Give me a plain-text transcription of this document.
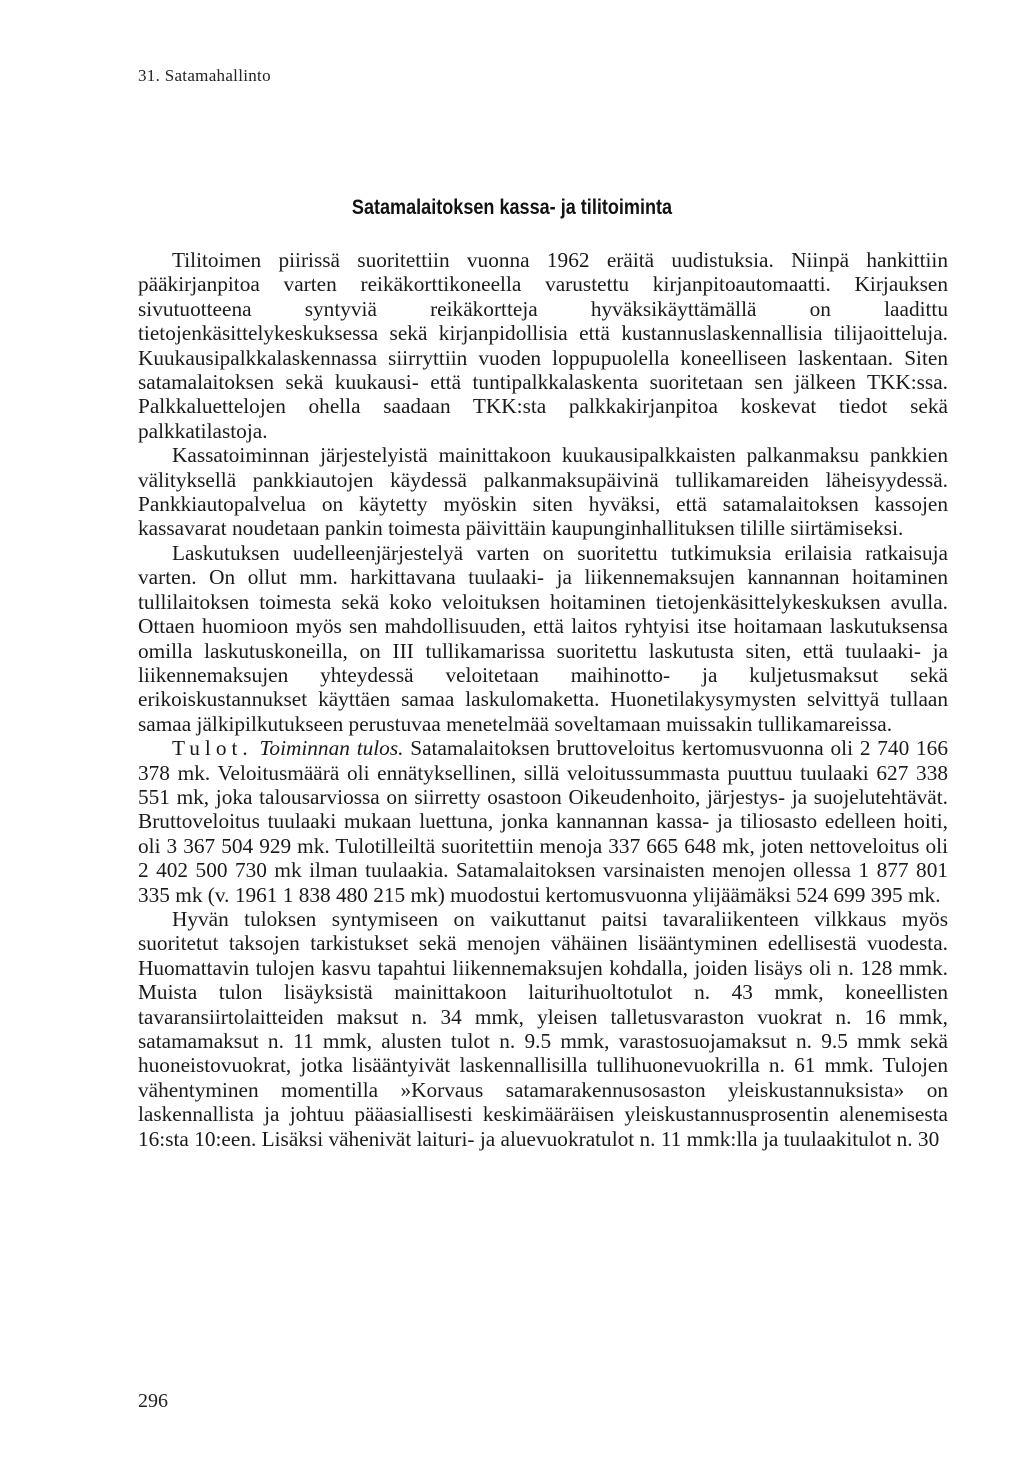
31. Satamahallinto
Satamalaitoksen kassa- ja tilitoiminta

Tilitoimen piirissä suoritettiin vuonna 1962 eräitä uudistuksia. Niinpä hankittiin pääkirjanpitoa varten reikäkorttikoneella varustettu kirjanpitoautomaatti. Kirjauksen sivutuotteena syntyviä reikäkortteja hyväksikäyttämällä on laadittu tietojenkäsittelykeskuksessa sekä kirjanpidollisia että kustannuslaskennallisia tilijaoitteluja. Kuukausipalkkalaskennassa siirryttiin vuoden loppupuolella koneelliseen laskentaan. Siten satamalaitoksen sekä kuukausi- että tuntipalkkalaskenta suoritetaan sen jälkeen TKK:ssa. Palkkaluettelojen ohella saadaan TKK:sta palkkakirjanpitoa koskevat tiedot sekä palkkatilastoja.

Kassatoiminnan järjestelyistä mainittakoon kuukausipalkkaisten palkanmaksu pankkien välityksellä pankkiautojen käydessä palkanmaksupäivinä tullikamareiden läheisyydessä. Pankkiautopalvelua on käytetty myöskin siten hyväksi, että satamalaitoksen kassojen kassavarat noudetaan pankin toimesta päivittäin kaupunginhallituksen tilille siirtämiseksi.

Laskutuksen uudelleenjärjestelyä varten on suoritettu tutkimuksia erilaisia ratkaisuja varten. On ollut mm. harkittavana tuulaaki- ja liikennemaksujen kannannan hoitaminen tullilaitoksen toimesta sekä koko veloituksen hoitaminen tietojenkäsittelykeskuksen avulla. Ottaen huomioon myös sen mahdollisuuden, että laitos ryhtyisi itse hoitamaan laskutuksensa omilla laskutuskoneilla, on III tullikamarissa suoritettu laskutusta siten, että tuulaaki- ja liikennemaksujen yhteydessä veloitetaan maihinotto- ja kuljetusmaksut sekä erikoiskustannukset käyttäen samaa laskulomaketta. Huonetilakysymysten selvittyä tullaan samaa jälkipilkutukseen perustuvaa menetelmää soveltamaan muissakin tullikamareissa.

Tulot. Toiminnan tulos. Satamalaitoksen bruttoveloitus kertomusvuonna oli 2 740 166 378 mk. Veloitusmäärä oli ennätyksellinen, sillä veloitussummasta puuttuu tuulaaki 627 338 551 mk, joka talousarviossa on siirretty osastoon Oikeudenhoito, järjestys- ja suojelutehtävät. Bruttoveloitus tuulaaki mukaan luettuna, jonka kannannan kassa- ja tiliosasto edelleen hoiti, oli 3 367 504 929 mk. Tulotilleiltä suoritettiin menoja 337 665 648 mk, joten nettoveloitus oli 2 402 500 730 mk ilman tuulaakia. Satamalaitoksen varsinaisten menojen ollessa 1 877 801 335 mk (v. 1961 1 838 480 215 mk) muodostui kertomusvuonna ylijäämäksi 524 699 395 mk.

Hyvän tuloksen syntymiseen on vaikuttanut paitsi tavaraliikenteen vilkkaus myös suoritetut taksojen tarkistukset sekä menojen vähäinen lisääntyminen edellisestä vuodesta. Huomattavin tulojen kasvu tapahtui liikennemaksujen kohdalla, joiden lisäys oli n. 128 mmk. Muista tulon lisäyksistä mainittakoon laiturihuoltotulot n. 43 mmk, koneellisten tavaransiirtolaitteiden maksut n. 34 mmk, yleisen talletusvaraston vuokrat n. 16 mmk, satamamaksut n. 11 mmk, alusten tulot n. 9.5 mmk, varastosuojamaksut n. 9.5 mmk sekä huoneistovuokrat, jotka lisääntyivät laskennallisilla tullihuonevuokrilla n. 61 mmk. Tulojen vähentyminen momentilla »Korvaus satamarakennusosaston yleiskustannuksista» on laskennallista ja johtuu pääasiallisesti keskimääräisen yleiskustannusprosentin alenemisesta 16:sta 10:een. Lisäksi vähenivät laituri- ja aluevuokratulot n. 11 mmk:lla ja tuulaakitulot n. 30

296
